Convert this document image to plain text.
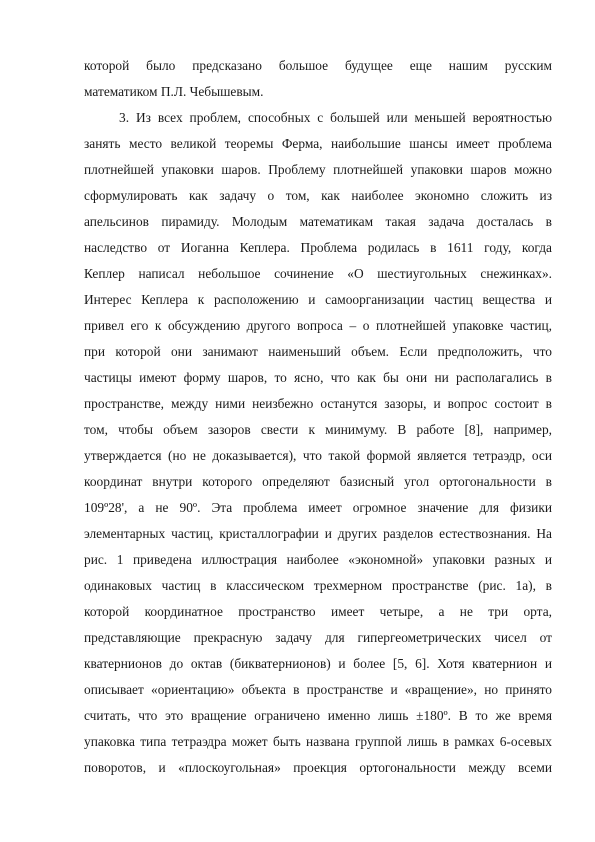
которой было предсказано большое будущее еще нашим русским
математиком П.Л. Чебышевым.
3. Из всех проблем, способных с большей или меньшей вероятностью
занять место великой теоремы Ферма, наибольшие шансы имеет проблема
плотнейшей упаковки шаров. Проблему плотнейшей упаковки шаров можно
сформулировать как задачу о том, как наиболее экономно сложить из
апельсинов пирамиду. Молодым математикам такая задача досталась в
наследство от Иоганна Кеплера. Проблема родилась в 1611 году, когда
Кеплер написал небольшое сочинение «О шестиугольных снежинках».
Интерес Кеплера к расположению и самоорганизации частиц вещества и
привел его к обсуждению другого вопроса – о плотнейшей упаковке частиц,
при которой они занимают наименьший объем. Если предположить, что
частицы имеют форму шаров, то ясно, что как бы они ни располагались в
пространстве, между ними неизбежно останутся зазоры, и вопрос состоит в
том, чтобы объем зазоров свести к минимуму. В работе [8], например,
утверждается (но не доказывается), что такой формой является тетраэдр, оси
координат внутри которого определяют базисный угол ортогональности в
109º28', а не 90º. Эта проблема имеет огромное значение для физики
элементарных частиц, кристаллографии и других разделов естествознания. На
рис. 1 приведена иллюстрация наиболее «экономной» упаковки разных и
одинаковых частиц в классическом трехмерном пространстве (рис. 1а), в
которой координатное пространство имеет четыре, а не три орта,
представляющие прекрасную задачу для гипергеометрических чисел от
кватернионов до октав (бикватернионов) и более [5, 6]. Хотя кватернион и
описывает «ориентацию» объекта в пространстве и «вращение», но принято
считать, что это вращение ограничено именно лишь ±180º. В то же время
упаковка типа тетраэдра может быть названа группой лишь в рамках 6-осевых
поворотов, и «плоскоугольная» проекция ортогональности между всеми
